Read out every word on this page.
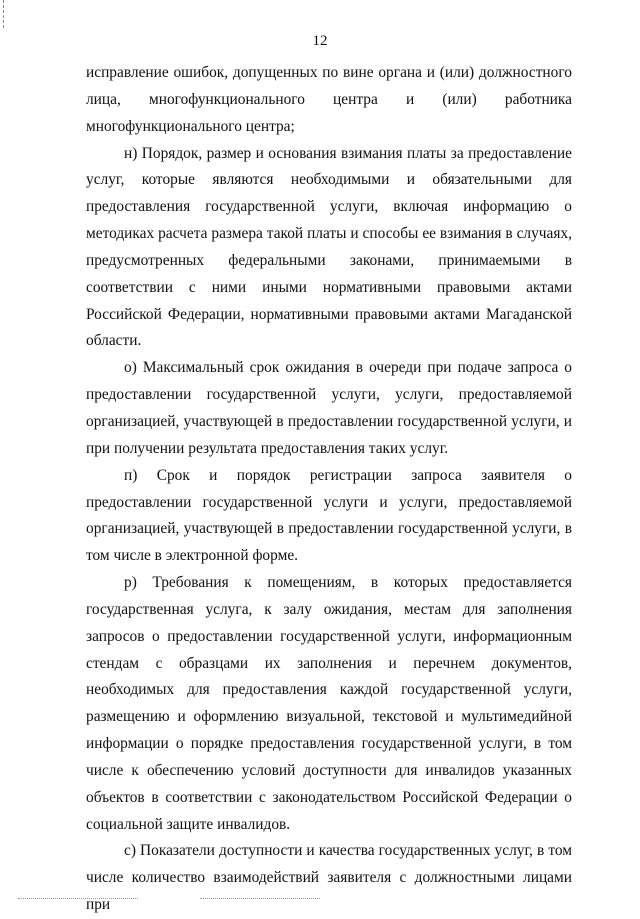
12

исправление ошибок, допущенных по вине органа и (или) должностного лица, многофункционального центра и (или) работника многофункционального центра;

н) Порядок, размер и основания взимания платы за предоставление услуг, которые являются необходимыми и обязательными для предоставления государственной услуги, включая информацию о методиках расчета размера такой платы и способы ее взимания в случаях, предусмотренных федеральными законами, принимаемыми в соответствии с ними иными нормативными правовыми актами Российской Федерации, нормативными правовыми актами Магаданской области.

о) Максимальный срок ожидания в очереди при подаче запроса о предоставлении государственной услуги, услуги, предоставляемой организацией, участвующей в предоставлении государственной услуги, и при получении результата предоставления таких услуг.

п) Срок и порядок регистрации запроса заявителя о предоставлении государственной услуги и услуги, предоставляемой организацией, участвующей в предоставлении государственной услуги, в том числе в электронной форме.

р) Требования к помещениям, в которых предоставляется государственная услуга, к залу ожидания, местам для заполнения запросов о предоставлении государственной услуги, информационным стендам с образцами их заполнения и перечнем документов, необходимых для предоставления каждой государственной услуги, размещению и оформлению визуальной, текстовой и мультимедийной информации о порядке предоставления государственной услуги, в том числе к обеспечению условий доступности для инвалидов указанных объектов в соответствии с законодательством Российской Федерации о социальной защите инвалидов.

с) Показатели доступности и качества государственных услуг, в том числе количество взаимодействий заявителя с должностными лицами при
